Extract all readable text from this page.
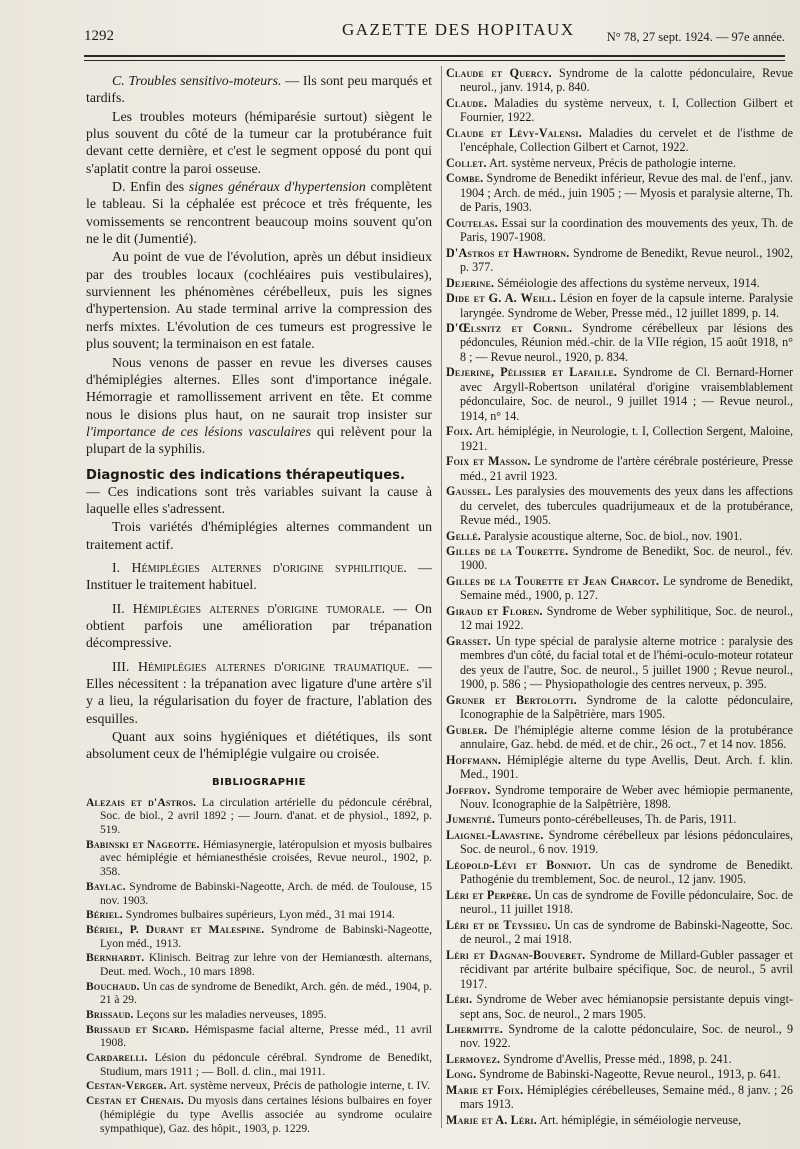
1292	GAZETTE DES HOPITAUX	N° 78, 27 sept. 1924. — 97e année.

C. Troubles sensitivo-moteurs. — Ils sont peu marqués et tardifs.

Les troubles moteurs (hémiparésie surtout) siègent le plus souvent du côté de la tumeur car la protubérance fuit devant cette dernière, et c'est le segment opposé du pont qui s'aplatit contre la paroi osseuse.

D. Enfin des signes généraux d'hypertension complètent le tableau. Si la céphalée est précoce et très fréquente, les vomissements se rencontrent beaucoup moins souvent qu'on ne le dit (Jumentié).

Au point de vue de l'évolution, après un début insidieux par des troubles locaux (cochléaires puis vestibulaires), surviennent les phénomènes cérébelleux, puis les signes d'hypertension. Au stade terminal arrive la compression des nerfs mixtes. L'évolution de ces tumeurs est progressive le plus souvent; la terminaison en est fatale.

Nous venons de passer en revue les diverses causes d'hémiplégies alternes. Elles sont d'importance inégale. Hémorragie et ramollissement arrivent en tête. Et comme nous le disions plus haut, on ne saurait trop insister sur l'importance de ces lésions vasculaires qui relèvent pour la plupart de la syphilis.

Diagnostic des indications thérapeutiques.

— Ces indications sont très variables suivant la cause à laquelle elles s'adressent.

Trois variétés d'hémiplégies alternes commandent un traitement actif.

I. Hémiplégies alternes d'origine syphilitique. — Instituer le traitement habituel.

II. Hémiplégies alternes d'origine tumorale. — On obtient parfois une amélioration par trépanation décompressive.

III. Hémiplégies alternes d'origine traumatique. — Elles nécessitent : la trépanation avec ligature d'une artère s'il y a lieu, la régularisation du foyer de fracture, l'ablation des esquilles.

Quant aux soins hygiéniques et diététiques, ils sont absolument ceux de l'hémiplégie vulgaire ou croisée.

BIBLIOGRAPHIE

Alezais et d'Astros. La circulation artérielle du pédoncule cérébral, Soc. de biol., 2 avril 1892 ; — Journ. d'anat. et de physiol., 1892, p. 519.

Babinski et Nageotte. Hémiasynergie, latéropulsion et myosis bulbaires avec hémiplégie et hémianesthésie croisées, Revue neurol., 1902, p. 358.

Baylac. Syndrome de Babinski-Nageotte, Arch. de méd. de Toulouse, 15 nov. 1903.

Bériel. Syndromes bulbaires supérieurs, Lyon méd., 31 mai 1914.

Bériel, P. Durant et Malespine. Syndrome de Babinski-Nageotte, Lyon méd., 1913.

Bernhardt. Klinisch. Beitrag zur lehre von der Hemianœsth. alternans, Deut. med. Woch., 10 mars 1898.

Bouchaud. Un cas de syndrome de Benedikt, Arch. gén. de méd., 1904, p. 21 à 29.

Brissaud. Leçons sur les maladies nerveuses, 1895.

Brissaud et Sicard. Hémispasme facial alterne, Presse méd., 11 avril 1908.

Cardarelli. Lésion du pédoncule cérébral. Syndrome de Benedikt, Studium, mars 1911 ; — Boll. d. clin., mai 1911.

Cestan-Verger. Art. système nerveux, Précis de pathologie interne, t. IV.

Cestan et Chenais. Du myosis dans certaines lésions bulbaires en foyer (hémiplégie du type Avellis associée au syndrome oculaire sympathique), Gaz. des hôpit., 1903, p. 1229.

Claude et Quercy. Syndrome de la calotte pédonculaire, Revue neurol., janv. 1914, p. 840.

Claude. Maladies du système nerveux, t. I, Collection Gilbert et Fournier, 1922.

Claude et Lévy-Valensi. Maladies du cervelet et de l'isthme de l'encéphale, Collection Gilbert et Carnot, 1922.

Collet. Art. système nerveux, Précis de pathologie interne.

Combe. Syndrome de Benedikt inférieur, Revue des mal. de l'enf., janv. 1904 ; Arch. de méd., juin 1905 ; — Myosis et paralysie alterne, Th. de Paris, 1903.

Coutelas. Essai sur la coordination des mouvements des yeux, Th. de Paris, 1907-1908.

D'Astros et Hawthorn. Syndrome de Benedikt, Revue neurol., 1902, p. 377.

Dejerine. Séméiologie des affections du système nerveux, 1914.

Dide et G. A. Weill. Lésion en foyer de la capsule interne. Paralysie laryngée. Syndrome de Weber, Presse méd., 12 juillet 1899, p. 14.

D'Œlsnitz et Cornil. Syndrome cérébelleux par lésions des pédoncules, Réunion méd.-chir. de la VIIe région, 15 août 1918, n° 8 ; — Revue neurol., 1920, p. 834.

Dejerine, Pélissier et Lafaille. Syndrome de Cl. Bernard-Horner avec Argyll-Robertson unilatéral d'origine vraisemblablement pédonculaire, Soc. de neurol., 9 juillet 1914 ; — Revue neurol., 1914, n° 14.

Foix. Art. hémiplégie, in Neurologie, t. I, Collection Sergent, Maloine, 1921.

Foix et Masson. Le syndrome de l'artère cérébrale postérieure, Presse méd., 21 avril 1923.

Gaussel. Les paralysies des mouvements des yeux dans les affections du cervelet, des tubercules quadrijumeaux et de la protubérance, Revue méd., 1905.

Gellé. Paralysie acoustique alterne, Soc. de biol., nov. 1901.

Gilles de la Tourette. Syndrome de Benedikt, Soc. de neurol., fév. 1900.

Gilles de la Tourette et Jean Charcot. Le syndrome de Benedikt, Semaine méd., 1900, p. 127.

Giraud et Floren. Syndrome de Weber syphilitique, Soc. de neurol., 12 mai 1922.

Grasset. Un type spécial de paralysie alterne motrice : paralysie des membres d'un côté, du facial total et de l'hémi-oculo-moteur rotateur des yeux de l'autre, Soc. de neurol., 5 juillet 1900 ; Revue neurol., 1900, p. 586 ; — Physiopathologie des centres nerveux, p. 395.

Gruner et Bertolotti. Syndrome de la calotte pédonculaire, Iconographie de la Salpêtrière, mars 1905.

Gubler. De l'hémiplégie alterne comme lésion de la protubérance annulaire, Gaz. hebd. de méd. et de chir., 26 oct., 7 et 14 nov. 1856.

Hoffmann. Hémiplégie alterne du type Avellis, Deut. Arch. f. klin. Med., 1901.

Joffroy. Syndrome temporaire de Weber avec hémiopie permanente, Nouv. Iconographie de la Salpêtrière, 1898.

Jumentié. Tumeurs ponto-cérébelleuses, Th. de Paris, 1911.

Laignel-Lavastine. Syndrome cérébelleux par lésions pédonculaires, Soc. de neurol., 6 nov. 1919.

Léopold-Lévi et Bonniot. Un cas de syndrome de Benedikt. Pathogénie du tremblement, Soc. de neurol., 12 janv. 1905.

Léri et Perpère. Un cas de syndrome de Foville pédonculaire, Soc. de neurol., 11 juillet 1918.

Léri et de Teyssieu. Un cas de syndrome de Babinski-Nageotte, Soc. de neurol., 2 mai 1918.

Léri et Dagnan-Bouveret. Syndrome de Millard-Gubler passager et récidivant par artérite bulbaire spécifique, Soc. de neurol., 5 avril 1917.

Léri. Syndrome de Weber avec hémianopsie persistante depuis vingt-sept ans, Soc. de neurol., 2 mars 1905.

Lhermitte. Syndrome de la calotte pédonculaire, Soc. de neurol., 9 nov. 1922.

Lermoyez. Syndrome d'Avellis, Presse méd., 1898, p. 241.

Long. Syndrome de Babinski-Nageotte, Revue neurol., 1913, p. 641.

Marie et Foix. Hémiplégies cérébelleuses, Semaine méd., 8 janv. ; 26 mars 1913.

Marie et A. Léri. Art. hémiplégie, in séméiologie nerveuse,
